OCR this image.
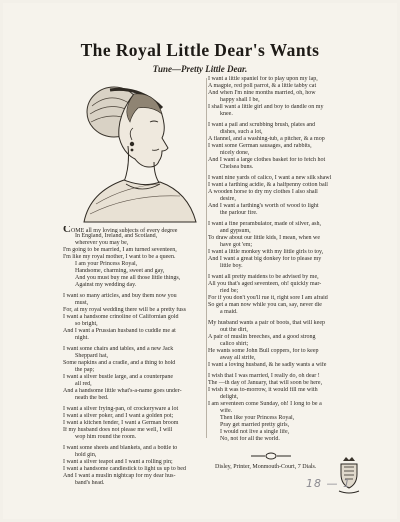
The Royal Little Dear's Wants
Tune—Pretty Little Dear.
COME all my loving subjects of every degree
In England, Ireland, and Scotland,
wherever you may be,
I'm going to be married, I am turned seventeen,
I'm like my royal mother, I want to be a queen.
I am your Princess Royal,
Handsome, charming, sweet and gay,
And you must buy me all those little things,
Against my wedding day.
I want so many articles, and buy them now you
must,
For, at my royal wedding there will be a pretty fuss
I want a handsome crinoline of Californian gold
so bright,
And I want a Prussian husband to cuddle me at
night.
I want some chairs and tables, and a new Jack
Sheppard hat,
Some napkins and a cradle, and a thing to hold
the pap;
I want a silver bustle large, and a counterpane
all red,
And a handsome little what's-a-name goes under-
neath the bed.
I want a silver frying-pan, of crockeryware a lot
I want a silver poker, and I want a golden pot;
I want a kitchen fender, I want a German broom
If my husband does not please me well, I will
wop him round the room.
I want some sheets and blankets, and a bottle to
hold gin,
I want a silver teapot and I want a rolling pin;
I want a handsome candlestick to light us up to bed
And I want a muslin nightcap for my dear hus-
band's head.
I want a little spaniel for to play upon my lap,
A magpie, red poll parrot, & a little tabby cat
And when I'm nine months married, oh, how
happy shall I be,
I shall want a little girl and boy to dandle on my
knee.
I want a pail and scrubbing brush, plates and
dishes, such a lot,
A flannel, and a washing-tub, a pitcher, & a mop
I want some German sausages, and rabbits,
nicely done,
And I want a large clothes basket for to fetch hot
Chelsea buns.
I want nine yards of calico, I want a new silk shawl
I want a farthing acidie, & a halfpenny cotton ball
A wooden horse to dry my clothes I also shall
desire,
And I want a farthing's worth of wood to light
the parlour fire.
I want a fine perambulator, made of silver, ash,
and gypsum,
To draw about our little kids, I mean, when we
have got 'em;
I want a little monkey with my little girls to toy,
And I want a great big donkey for to please my
little boy.
I want all pretty maidens to be advised by me,
All you that's aged seventeen, oh! quickly mar-
ried be;
For if you don't you'll rue it, right sore I am afraid
So get a man now while you can, say, never die
a maid.
My husband wants a pair of boots, that will keep
out the dirt,
A pair of muslin breeches, and a good strong
calico shirt;
He wants some John Bull coppers, for to keep
away all strife,
I want a loving husband, & he sadly wants a wife
I wish that I was married, I really do, oh dear !
The —th day of January, that will soon be here,
I wish it was to-morrow, it would fill me with
delight,
I am seventeen come Sunday, oh! I long to be a
wife.
Then like your Princess Royal,
Pray get married pretty girls,
I would not live a single life,
No, not for all the world.
Disley, Printer, Monmouth-Court, 7 Dials.
18 — 1
